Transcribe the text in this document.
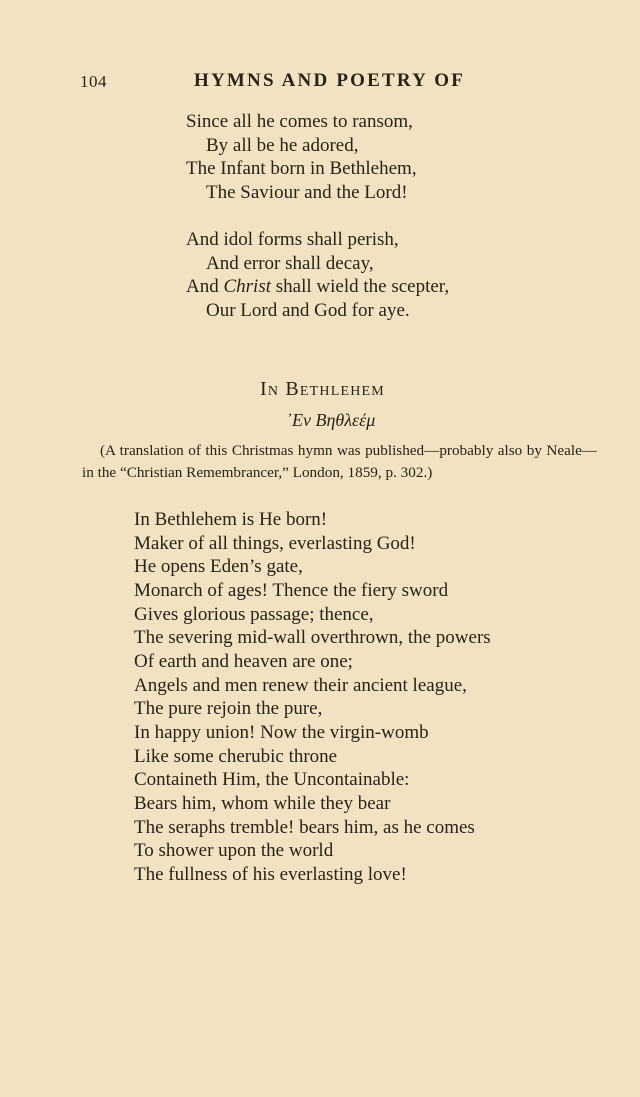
104	HYMNS AND POETRY OF
Since all he comes to ransom,
By all be he adored,
The Infant born in Bethlehem,
The Saviour and the Lord!
And idol forms shall perish,
And error shall decay,
And Christ shall wield the scepter,
Our Lord and God for aye.
In Bethlehem
᾿Εν Βηθλεέμ
(A translation of this Christmas hymn was published—probably also by Neale—in the “Christian Remembrancer,” London, 1859, p. 302.)
In Bethlehem is He born!
Maker of all things, everlasting God!
He opens Eden’s gate,
Monarch of ages! Thence the fiery sword
Gives glorious passage; thence,
The severing mid-wall overthrown, the powers
Of earth and heaven are one;
Angels and men renew their ancient league,
The pure rejoin the pure,
In happy union! Now the virgin-womb
Like some cherubic throne
Containeth Him, the Uncontainable:
Bears him, whom while they bear
The seraphs tremble! bears him, as he comes
To shower upon the world
The fullness of his everlasting love!
